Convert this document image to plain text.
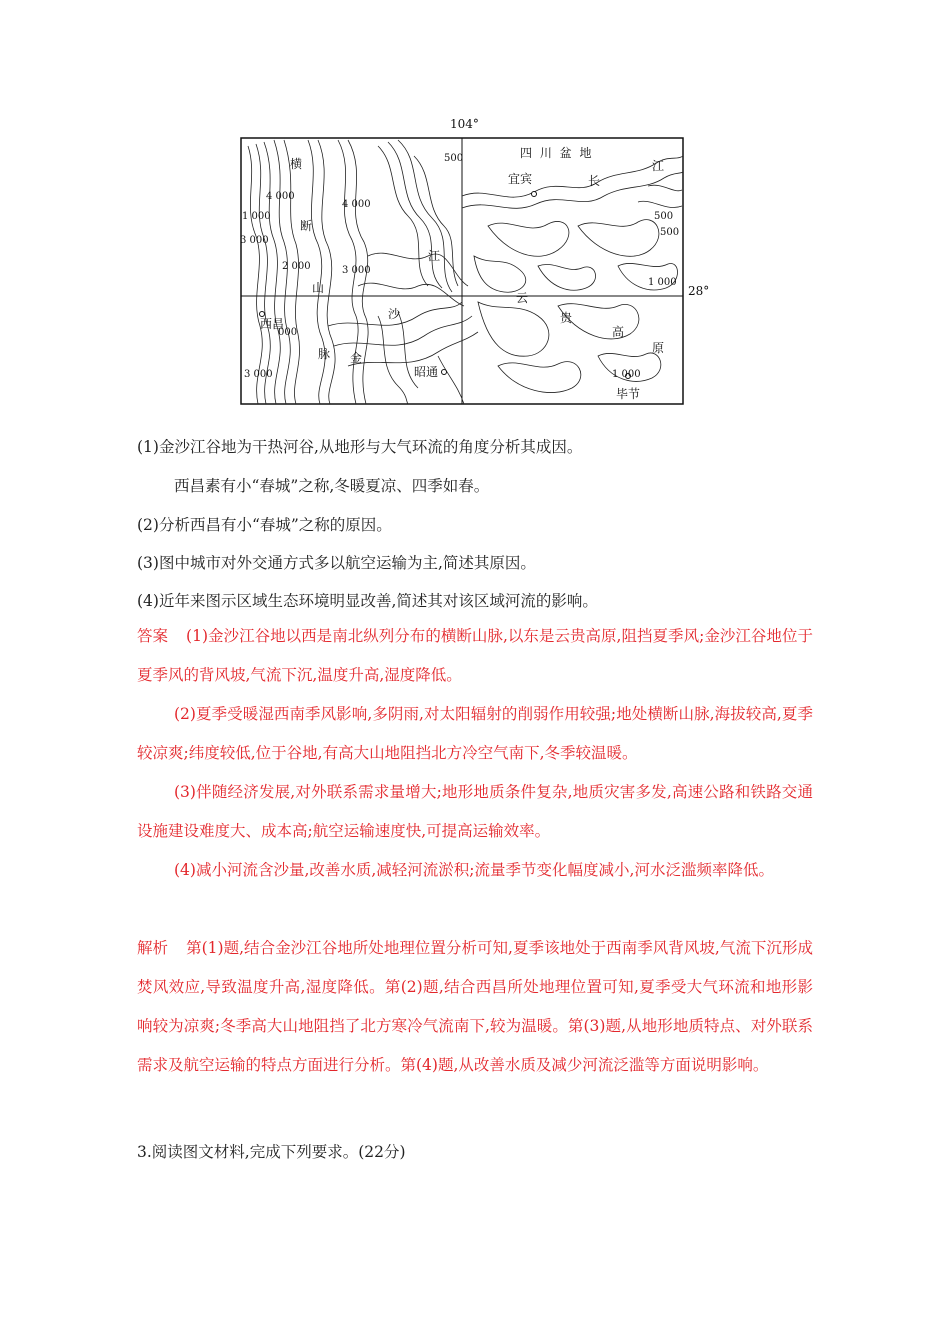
104°
28°
四 川 盆 地
宜宾	长
江
横
断
山
脉 金
沙
江
西昌
昭通
毕节
云
贵
高
原
1 000
1 000
1 000
3 000
3 000
3 000
4 000
4 000
500
500
500
2 000
000
(1)金沙江谷地为干热河谷,从地形与大气环流的角度分析其成因。
西昌素有小“春城”之称,冬暖夏凉、四季如春。
(2)分析西昌有小“春城”之称的原因。
(3)图中城市对外交通方式多以航空运输为主,简述其原因。
(4)近年来图示区域生态环境明显改善,简述其对该区域河流的影响。
答案 (1)金沙江谷地以西是南北纵列分布的横断山脉,以东是云贵高原,阻挡夏季风;金沙江谷地位于夏季风的背风坡,气流下沉,温度升高,湿度降低。
(2)夏季受暖湿西南季风影响,多阴雨,对太阳辐射的削弱作用较强;地处横断山脉,海拔较高,夏季较凉爽;纬度较低,位于谷地,有高大山地阻挡北方冷空气南下,冬季较温暖。
(3)伴随经济发展,对外联系需求量增大;地形地质条件复杂,地质灾害多发,高速公路和铁路交通设施建设难度大、成本高;航空运输速度快,可提高运输效率。
(4)减小河流含沙量,改善水质,减轻河流淤积;流量季节变化幅度减小,河水泛滥频率降低。
解析 第(1)题,结合金沙江谷地所处地理位置分析可知,夏季该地处于西南季风背风坡,气流下沉形成焚风效应,导致温度升高,湿度降低。第(2)题,结合西昌所处地理位置可知,夏季受大气环流和地形影响较为凉爽;冬季高大山地阻挡了北方寒冷气流南下,较为温暖。第(3)题,从地形地质特点、对外联系需求及航空运输的特点方面进行分析。第(4)题,从改善水质及减少河流泛滥等方面说明影响。
3.阅读图文材料,完成下列要求。(22分)
